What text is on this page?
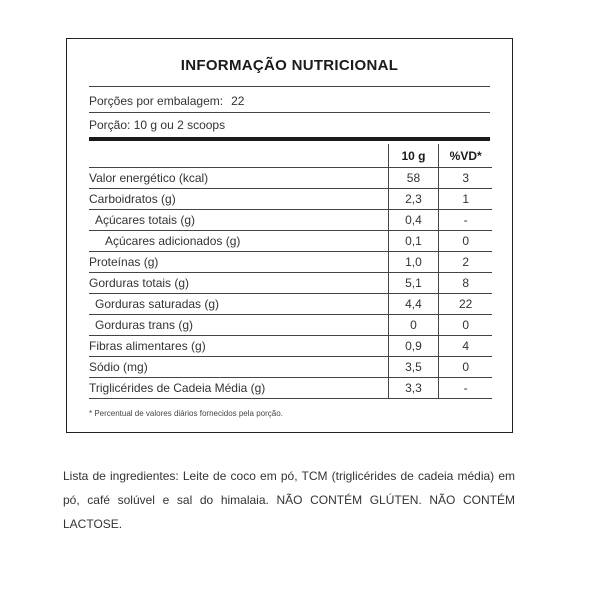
INFORMAÇÃO NUTRICIONAL
Porções por embalagem: 22
Porção: 10 g ou 2 scoops
	10 g	%VD*
Valor energético (kcal)	58	3
Carboidratos (g)	2,3	1
Açúcares totais (g)	0,4	-
Açúcares adicionados (g)	0,1	0
Proteínas (g)	1,0	2
Gorduras totais (g)	5,1	8
Gorduras saturadas (g)	4,4	22
Gorduras trans (g)	0	0
Fibras alimentares (g)	0,9	4
Sódio (mg)	3,5	0
Triglicérides de Cadeia Média (g)	3,3	-
* Percentual de valores diários fornecidos pela porção.
Lista de ingredientes: Leite de coco em pó, TCM (triglicérides de cadeia média) em pó, café solúvel e sal do himalaia. NÃO CONTÉM GLÚTEN. NÃO CONTÉM LACTOSE.
